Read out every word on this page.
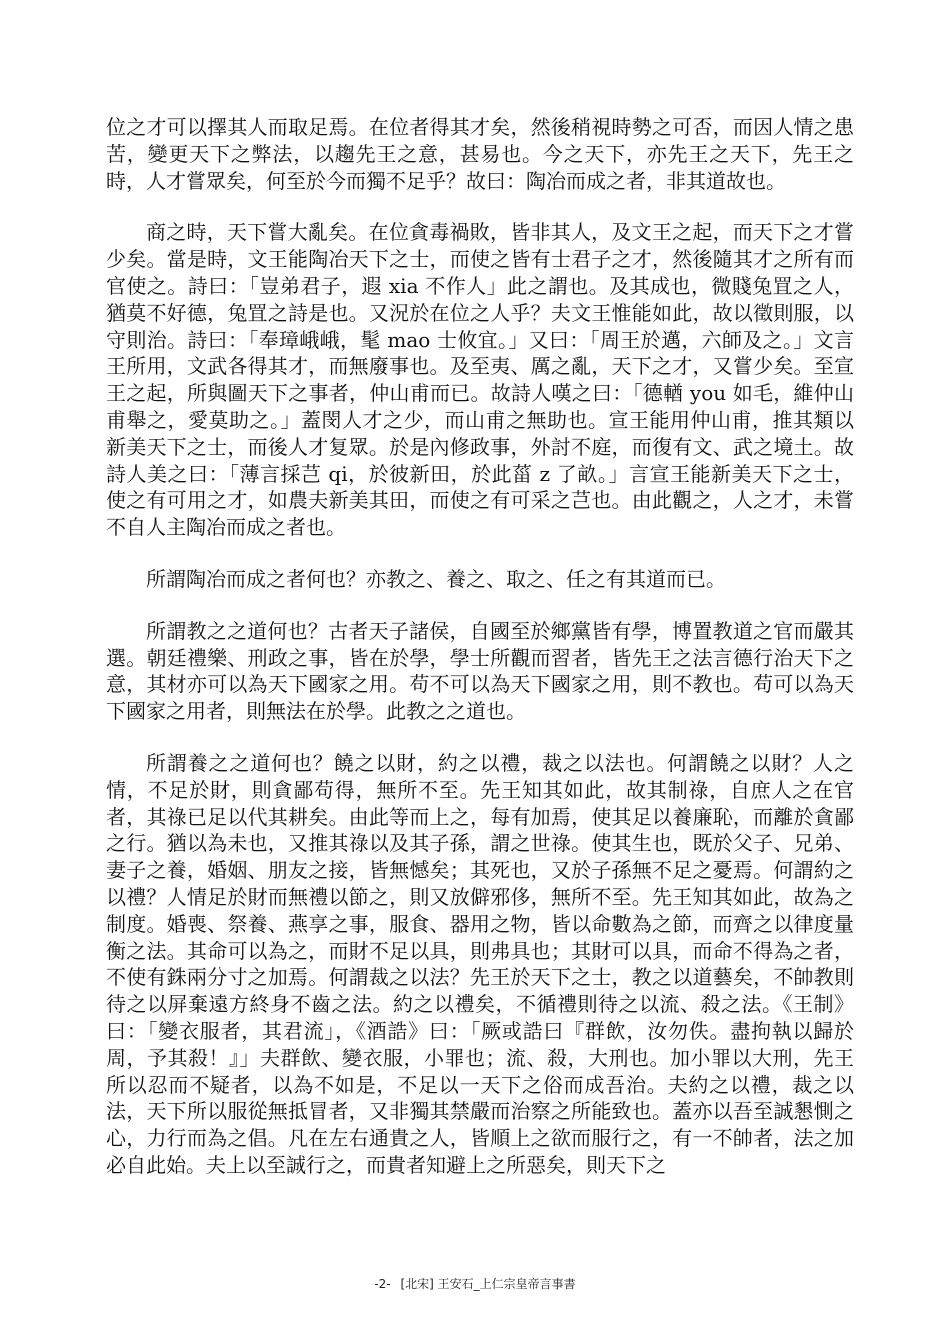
位之才可以擇其人而取足焉。在位者得其才矣，然後稍視時勢之可否，而因人情之患苦，變更天下之弊法，以趨先王之意，甚易也。今之天下，亦先王之天下，先王之時，人才嘗眾矣，何至於今而獨不足乎？故曰：陶冶而成之者，非其道故也。

商之時，天下嘗大亂矣。在位貪毒禍敗，皆非其人，及文王之起，而天下之才嘗少矣。當是時，文王能陶冶天下之士，而使之皆有士君子之才，然後隨其才之所有而官使之。詩曰：「豈弟君子，遐 xia 不作人」此之謂也。及其成也，微賤兔罝之人，猶莫不好德，兔罝之詩是也。又況於在位之人乎？夫文王惟能如此，故以徵則服，以守則治。詩曰：「奉璋峨峨，髦 mao 士攸宜。」又曰：「周王於邁，六師及之。」文言王所用，文武各得其才，而無廢事也。及至夷、厲之亂，天下之才，又嘗少矣。至宣王之起，所與圖天下之事者，仲山甫而已。故詩人嘆之曰：「德輶 you 如毛，維仲山甫舉之，愛莫助之。」蓋閔人才之少，而山甫之無助也。宣王能用仲山甫，推其類以新美天下之士，而後人才复眾。於是內修政事，外討不庭，而復有文、武之境土。故詩人美之曰：「薄言採芑 qi，於彼新田，於此菑 z 了畝。」言宣王能新美天下之士，使之有可用之才，如農夫新美其田，而使之有可采之芑也。由此觀之，人之才，未嘗不自人主陶冶而成之者也。

所謂陶冶而成之者何也？亦教之、養之、取之、任之有其道而已。

所謂教之之道何也？古者天子諸侯，自國至於鄉黨皆有學，博置教道之官而嚴其選。朝廷禮樂、刑政之事，皆在於學，學士所觀而習者，皆先王之法言德行治天下之意，其材亦可以為天下國家之用。苟不可以為天下國家之用，則不教也。苟可以為天下國家之用者，則無法在於學。此教之之道也。

所謂養之之道何也？饒之以財，約之以禮，裁之以法也。何謂饒之以財？人之情，不足於財，則貪鄙苟得，無所不至。先王知其如此，故其制祿，自庶人之在官者，其祿已足以代其耕矣。由此等而上之，每有加焉，使其足以養廉恥，而離於貪鄙之行。猶以為未也，又推其祿以及其子孫，謂之世祿。使其生也，既於父子、兄弟、妻子之養，婚姻、朋友之接，皆無憾矣；其死也，又於子孫無不足之憂焉。何謂約之以禮？人情足於財而無禮以節之，則又放僻邪侈，無所不至。先王知其如此，故為之制度。婚喪、祭養、燕享之事，服食、器用之物，皆以命數為之節，而齊之以律度量衡之法。其命可以為之，而財不足以具，則弗具也；其財可以具，而命不得為之者，不使有銖兩分寸之加焉。何謂裁之以法？先王於天下之士，教之以道藝矣，不帥教則待之以屏棄遠方終身不齒之法。約之以禮矣，不循禮則待之以流、殺之法。《王制》曰：「變衣服者，其君流」，《酒誥》曰：「厥或誥曰『群飲，汝勿佚。盡拘執以歸於周，予其殺！』」夫群飲、變衣服，小罪也；流、殺，大刑也。加小罪以大刑，先王所以忍而不疑者，以為不如是，不足以一天下之俗而成吾治。夫約之以禮，裁之以法，天下所以服從無抵冒者，又非獨其禁嚴而治察之所能致也。蓋亦以吾至誠懇惻之心，力行而為之倡。凡在左右通貴之人，皆順上之欲而服行之，有一不帥者，法之加必自此始。夫上以至誠行之，而貴者知避上之所惡矣，則天下之

-2- [北宋] 王安石_上仁宗皇帝言事書
